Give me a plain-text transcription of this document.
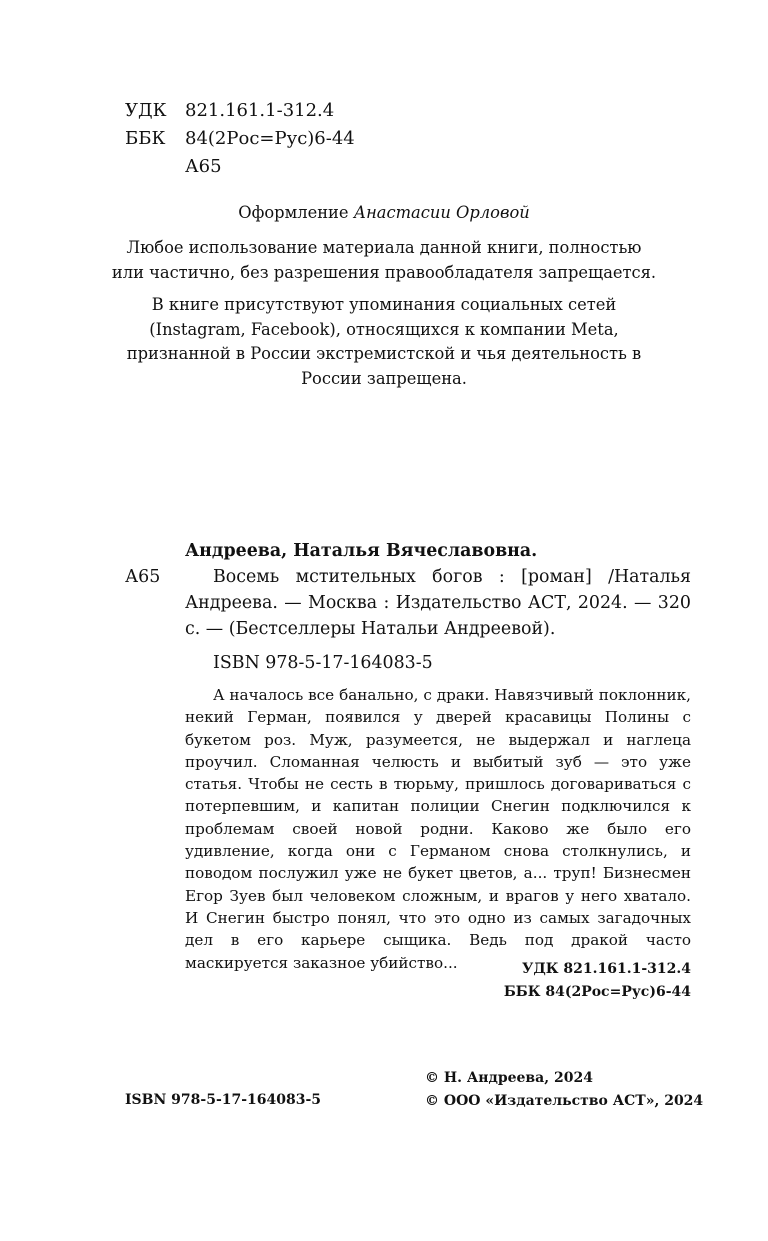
УДК	821.161.1-312.4
ББК	84(2Рос=Рус)6-44
А65
Оформление Анастасии Орловой
Любое использование материала данной книги, полностью или частично, без разрешения правообладателя запрещается.
В книге присутствуют упоминания социальных сетей (Instagram, Facebook), относящихся к компании Meta, признанной в России экстремистской и чья деятельность в России запрещена.
Андреева, Наталья Вячеславовна.
А65	Восемь мстительных богов : [роман] /Наталья Андреева. — Москва : Издательство АСТ, 2024. — 320 с. — (Бестселлеры Натальи Андреевой).
ISBN 978-5-17-164083-5
А началось все банально, с драки. Навязчивый поклонник, некий Герман, появился у дверей красавицы Полины с букетом роз. Муж, разумеется, не выдержал и наглеца проучил. Сломанная челюсть и выбитый зуб — это уже статья. Чтобы не сесть в тюрьму, пришлось договариваться с потерпевшим, и капитан полиции Снегин подключился к проблемам своей новой родни. Каково же было его удивление, когда они с Германом снова столкнулись, и поводом послужил уже не букет цветов, а... труп! Бизнесмен Егор Зуев был человеком сложным, и врагов у него хватало. И Снегин быстро понял, что это одно из самых загадочных дел в его карьере сыщика. Ведь под дракой часто маскируется заказное убийство...	УДК 821.161.1-312.4
ББК 84(2Рос=Рус)6-44
© Н. Андреева, 2024
© ООО «Издательство АСТ», 2024
ISBN 978-5-17-164083-5
